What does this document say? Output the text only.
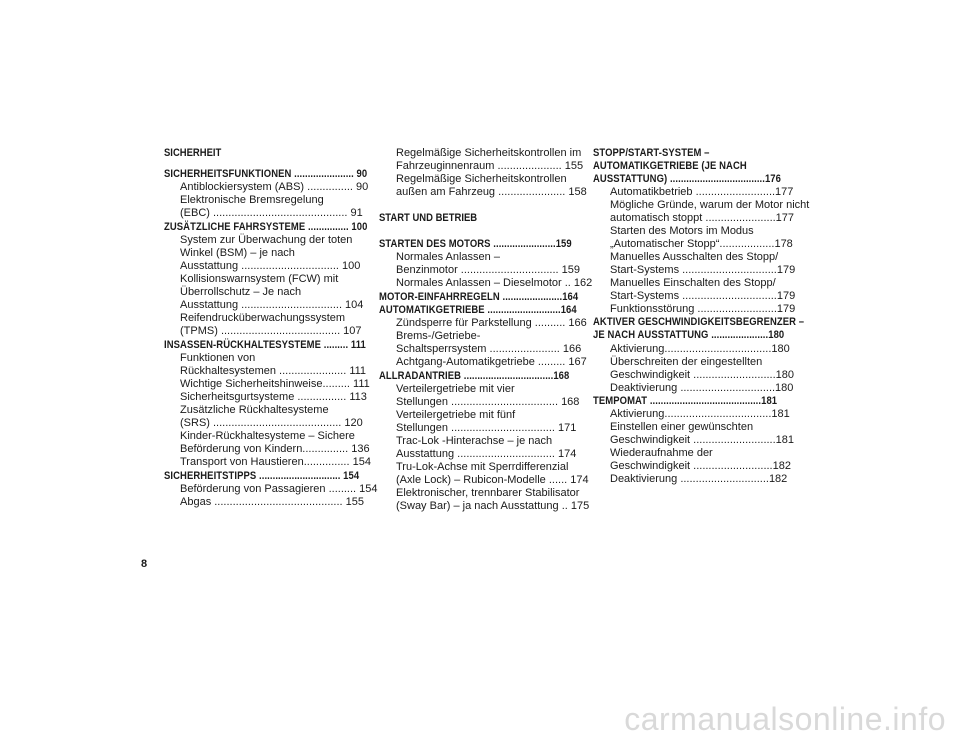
SICHERHEIT
SICHERHEITSFUNKTIONEN ...................... 90
Antiblockiersystem (ABS) ............... 90
Elektronische Bremsregelung
(EBC) ............................................ 91
ZUSÄTZLICHE FAHRSYSTEME ............... 100
System zur Überwachung der toten
Winkel (BSM) – je nach
Ausstattung ................................ 100
Kollisionswarnsystem (FCW) mit
Überrollschutz – Je nach
Ausstattung ................................. 104
Reifendrucküberwachungssystem
(TPMS) ....................................... 107
INSASSEN-RÜCKHALTESYSTEME ......... 111
Funktionen von
Rückhaltesystemen ...................... 111
Wichtige Sicherheitshinweise......... 111
Sicherheitsgurtsysteme ................ 113
Zusätzliche Rückhaltesysteme
(SRS) .......................................... 120
Kinder-Rückhaltesysteme – Sichere
Beförderung von Kindern............... 136
Transport von Haustieren............... 154
SICHERHEITSTIPPS .............................. 154
Beförderung von Passagieren ......... 154
Abgas .......................................... 155
Regelmäßige Sicherheitskontrollen im
Fahrzeuginnenraum ..................... 155
Regelmäßige Sicherheitskontrollen
außen am Fahrzeug ...................... 158
START UND BETRIEB
STARTEN DES MOTORS .......................159
Normales Anlassen –
Benzinmotor ................................ 159
Normales Anlassen – Dieselmotor .. 162
MOTOR-EINFAHRREGELN ......................164
AUTOMATIKGETRIEBE ...........................164
Zündsperre für Parkstellung .......... 166
Brems-/Getriebe-
Schaltsperrsystem ....................... 166
Achtgang-Automatikgetriebe ......... 167
ALLRADANTRIEB .................................168
Verteilergetriebe mit vier
Stellungen ................................... 168
Verteilergetriebe mit fünf
Stellungen .................................. 171
Trac-Lok -Hinterachse – je nach
Ausstattung ................................ 174
Tru-Lok-Achse mit Sperrdifferenzial
(Axle Lock) – Rubicon-Modelle ...... 174
Elektronischer, trennbarer Stabilisator
(Sway Bar) – ja nach Ausstattung .. 175
STOPP/START-SYSTEM –
AUTOMATIKGETRIEBE (JE NACH
AUSSTATTUNG) ...................................176
Automatikbetrieb ..........................177
Mögliche Gründe, warum der Motor nicht
automatisch stoppt .......................177
Starten des Motors im Modus
„Automatischer Stopp“..................178
Manuelles Ausschalten des Stopp/
Start-Systems ...............................179
Manuelles Einschalten des Stopp/
Start-Systems ...............................179
Funktionsstörung ..........................179
AKTIVER GESCHWINDIGKEITSBEGRENZER –
JE NACH AUSSTATTUNG .....................180
Aktivierung...................................180
Überschreiten der eingestellten
Geschwindigkeit ...........................180
Deaktivierung ...............................180
TEMPOMAT .........................................181
Aktivierung...................................181
Einstellen einer gewünschten
Geschwindigkeit ...........................181
Wiederaufnahme der
Geschwindigkeit ..........................182
Deaktivierung .............................182
8
carmanualsonline.info
